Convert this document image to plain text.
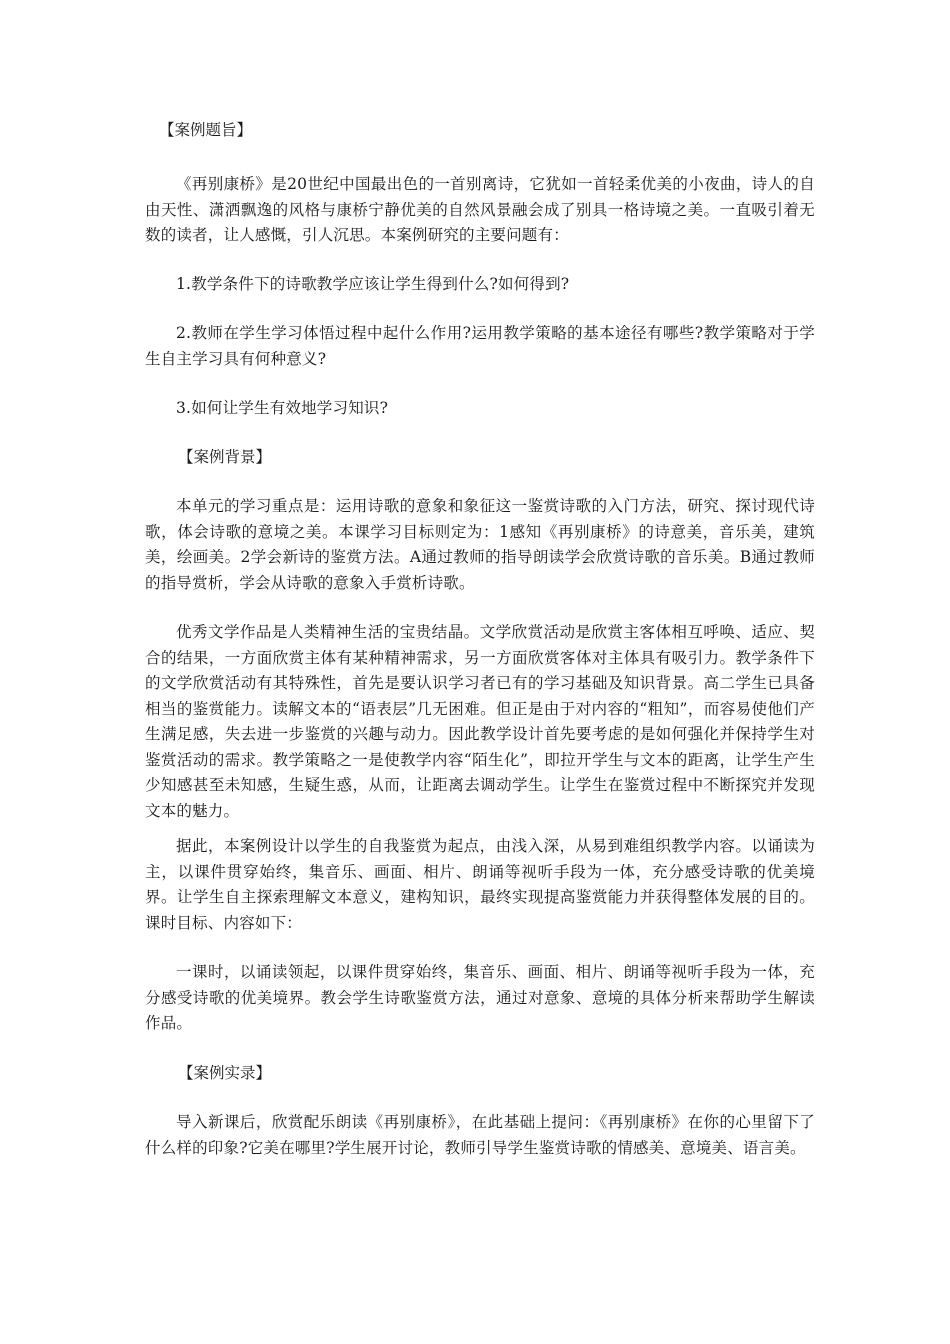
【案例题旨】

《再别康桥》是20世纪中国最出色的一首别离诗，它犹如一首轻柔优美的小夜曲，诗人的自由天性、潇洒飘逸的风格与康桥宁静优美的自然风景融会成了别具一格诗境之美。一直吸引着无数的读者，让人感慨，引人沉思。本案例研究的主要问题有：

1.教学条件下的诗歌教学应该让学生得到什么?如何得到?

2.教师在学生学习体悟过程中起什么作用?运用教学策略的基本途径有哪些?教学策略对于学生自主学习具有何种意义?

3.如何让学生有效地学习知识?

【案例背景】

本单元的学习重点是：运用诗歌的意象和象征这一鉴赏诗歌的入门方法，研究、探讨现代诗歌，体会诗歌的意境之美。本课学习目标则定为：1感知《再别康桥》的诗意美，音乐美，建筑美，绘画美。2学会新诗的鉴赏方法。A通过教师的指导朗读学会欣赏诗歌的音乐美。B通过教师的指导赏析，学会从诗歌的意象入手赏析诗歌。

优秀文学作品是人类精神生活的宝贵结晶。文学欣赏活动是欣赏主客体相互呼唤、适应、契合的结果，一方面欣赏主体有某种精神需求，另一方面欣赏客体对主体具有吸引力。教学条件下的文学欣赏活动有其特殊性，首先是要认识学习者已有的学习基础及知识背景。高二学生已具备相当的鉴赏能力。读解文本的“语表层”几无困难。但正是由于对内容的“粗知”，而容易使他们产生满足感，失去进一步鉴赏的兴趣与动力。因此教学设计首先要考虑的是如何强化并保持学生对鉴赏活动的需求。教学策略之一是使教学内容“陌生化”，即拉开学生与文本的距离，让学生产生少知感甚至未知感，生疑生惑，从而，让距离去调动学生。让学生在鉴赏过程中不断探究并发现文本的魅力。

据此，本案例设计以学生的自我鉴赏为起点，由浅入深，从易到难组织教学内容。以诵读为主，以课件贯穿始终，集音乐、画面、相片、朗诵等视听手段为一体，充分感受诗歌的优美境界。让学生自主探索理解文本意义，建构知识，最终实现提高鉴赏能力并获得整体发展的目的。课时目标、内容如下：

一课时，以诵读领起，以课件贯穿始终，集音乐、画面、相片、朗诵等视听手段为一体，充分感受诗歌的优美境界。教会学生诗歌鉴赏方法，通过对意象、意境的具体分析来帮助学生解读作品。

【案例实录】

导入新课后，欣赏配乐朗读《再别康桥》，在此基础上提问：《再别康桥》在你的心里留下了什么样的印象?它美在哪里?学生展开讨论，教师引导学生鉴赏诗歌的情感美、意境美、语言美。
